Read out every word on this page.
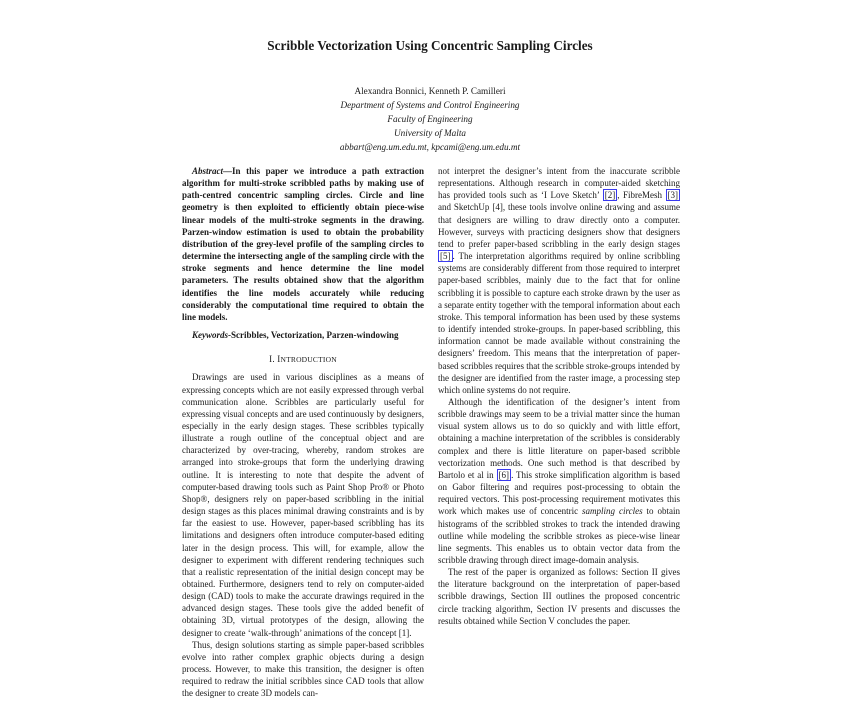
Scribble Vectorization Using Concentric Sampling Circles
Alexandra Bonnici, Kenneth P. Camilleri
Department of Systems and Control Engineering
Faculty of Engineering
University of Malta
abbart@eng.um.edu.mt, kpcami@eng.um.edu.mt

Abstract—In this paper we introduce a path extraction algorithm for multi-stroke scribbled paths by making use of path-centred concentric sampling circles. Circle and line geometry is then exploited to efficiently obtain piece-wise linear models of the multi-stroke segments in the drawing. Parzen-window estimation is used to obtain the probability distribution of the grey-level profile of the sampling circles to determine the intersecting angle of the sampling circle with the stroke segments and hence determine the line model parameters. The results obtained show that the algorithm identifies the line models accurately while reducing considerably the computational time required to obtain the line models.

Keywords-Scribbles, Vectorization, Parzen-windowing

I. INTRODUCTION

Drawings are used in various disciplines as a means of expressing concepts which are not easily expressed through verbal communication alone. Scribbles are particularly useful for expressing visual concepts and are used continuously by designers, especially in the early design stages. These scribbles typically illustrate a rough outline of the conceptual object and are characterized by over-tracing, whereby, random strokes are arranged into stroke-groups that form the underlying drawing outline. It is interesting to note that despite the advent of computer-based drawing tools such as Paint Shop Pro® or Photo Shop®, designers rely on paper-based scribbling in the initial design stages as this places minimal drawing constraints and is by far the easiest to use. However, paper-based scribbling has its limitations and designers often introduce computer-based editing later in the design process. This will, for example, allow the designer to experiment with different rendering techniques such that a realistic representation of the initial design concept may be obtained. Furthermore, designers tend to rely on computer-aided design (CAD) tools to make the accurate drawings required in the advanced design stages. These tools give the added benefit of obtaining 3D, virtual prototypes of the design, allowing the designer to create ‘walk-through’ animations of the concept [1].

Thus, design solutions starting as simple paper-based scribbles evolve into rather complex graphic objects during a design process. However, to make this transition, the designer is often required to redraw the initial scribbles since CAD tools that allow the designer to create 3D models can-

not interpret the designer’s intent from the inaccurate scribble representations. Although research in computer-aided sketching has provided tools such as ‘I Love Sketch’ [2] , FibreMesh [3] and SketchUp [4], these tools involve online drawing and assume that designers are willing to draw directly onto a computer. However, surveys with practicing designers show that designers tend to prefer paper-based scribbling in the early design stages [5] . The interpretation algorithms required by online scribbling systems are considerably different from those required to interpret paper-based scribbles, mainly due to the fact that for online scribbling it is possible to capture each stroke drawn by the user as a separate entity together with the temporal information about each stroke. This temporal information has been used by these systems to identify intended stroke-groups. In paper-based scribbling, this information cannot be made available without constraining the designers’ freedom. This means that the interpretation of paper-based scribbles requires that the scribble stroke-groups intended by the designer are identified from the raster image, a processing step which online systems do not require.

Although the identification of the designer’s intent from scribble drawings may seem to be a trivial matter since the human visual system allows us to do so quickly and with little effort, obtaining a machine interpretation of the scribbles is considerably complex and there is little literature on paper-based scribble vectorization methods. One such method is that described by Bartolo et al in [6] . This stroke simplification algorithm is based on Gabor filtering and requires post-processing to obtain the required vectors. This post-processing requirement motivates this work which makes use of concentric sampling circles to obtain histograms of the scribbled strokes to track the intended drawing outline while modeling the scribble strokes as piece-wise linear line segments. This enables us to obtain vector data from the scribble drawing through direct image-domain analysis.

The rest of the paper is organized as follows: Section II gives the literature background on the interpretation of paper-based scribble drawings, Section III outlines the proposed concentric circle tracking algorithm, Section IV presents and discusses the results obtained while Section V concludes the paper.
